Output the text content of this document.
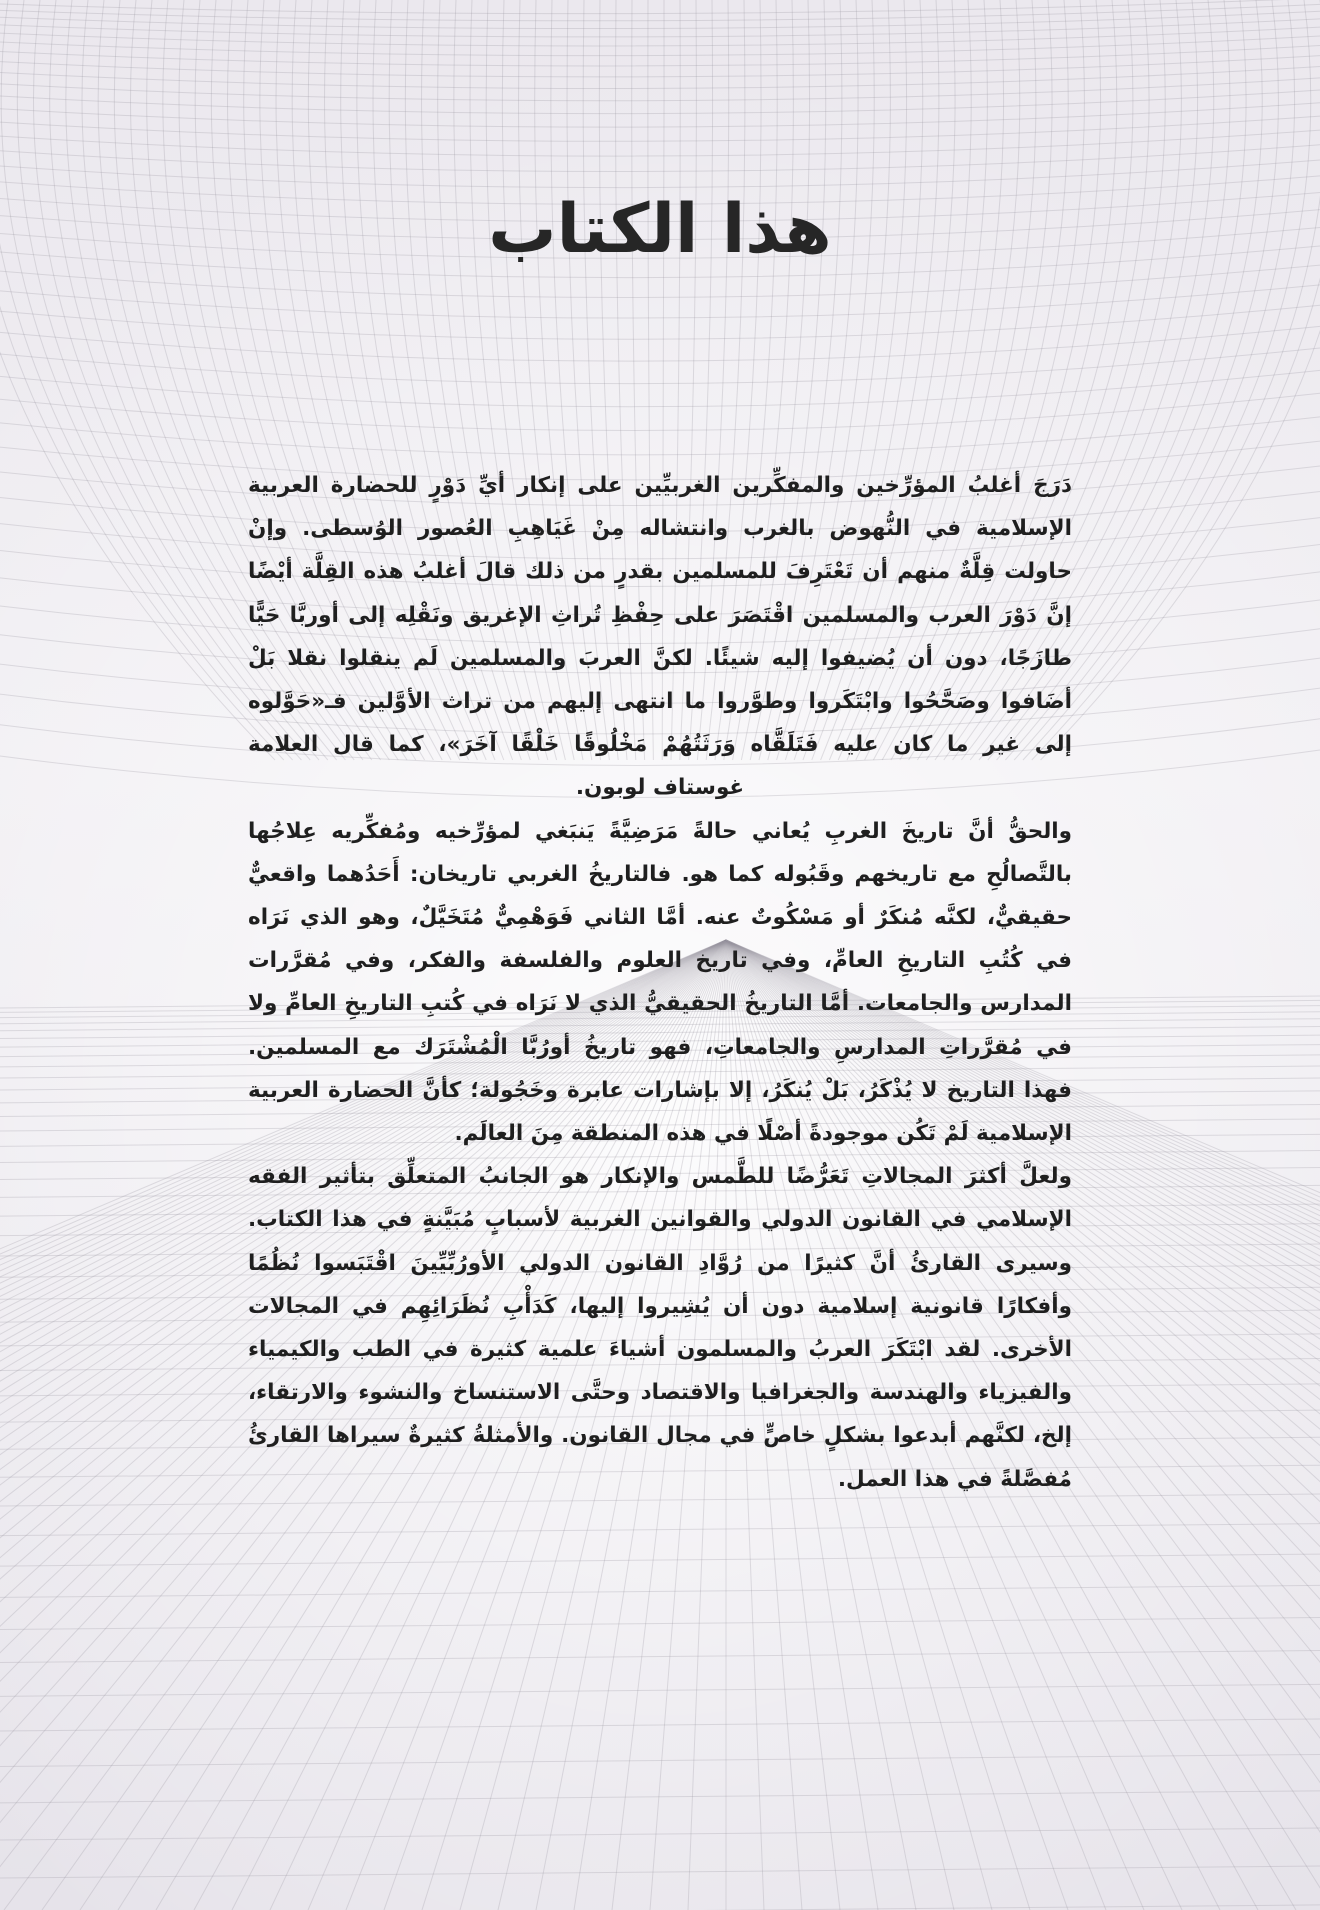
هذا الكتاب

دَرَجَ أغلبُ المؤرِّخين والمفكِّرين الغربيِّين على إنكار أيِّ دَوْرٍ للحضارة العربية الإسلامية في النُّهوض بالغرب وانتشاله مِنْ غَيَاهِبِ العُصور الوُسطى. وإنْ حاولت قِلَّةٌ منهم أن تَعْتَرِفَ للمسلمين بقدرٍ من ذلك قالَ أغلبُ هذه القِلَّة أيْضًا إنَّ دَوْرَ العرب والمسلمين اقْتَصَرَ على حِفْظِ تُراثِ الإغريق ونَقْلِه إلى أوربَّا حَيًّا طازَجًا، دون أن يُضيفوا إليه شيئًا. لكنَّ العربَ والمسلمين لَم ينقلوا نقلا بَلْ أضَافوا وصَحَّحُوا وابْتَكَروا وطوَّروا ما انتهى إليهم من تراث الأوَّلين فـ«حَوَّلوه إلى غير ما كان عليه فَتَلَقَّاه وَرَثَتُهُمْ مَخْلُوقًا خَلْقًا آخَرَ»، كما قال العلامة غوستاف لوبون.

والحقُّ أنَّ تاريخَ الغربِ يُعاني حالةً مَرَضِيَّةً يَنبَغي لمؤرِّخيه ومُفكِّريه عِلاجُها بالتَّصالُحِ مع تاريخهم وقَبُوله كما هو. فالتاريخُ الغربي تاريخان: أَحَدُهما واقعيٌّ حقيقيٌّ، لكنَّه مُنكَرٌ أو مَسْكُوتٌ عنه. أمَّا الثاني فَوَهْمِيٌّ مُتَخَيَّلٌ، وهو الذي نَرَاه في كُتُبِ التاريخِ العامِّ، وفي تاريخ العلوم والفلسفة والفكر، وفي مُقرَّرات المدارس والجامعات. أمَّا التاريخُ الحقيقيُّ الذي لا نَرَاه في كُتبِ التاريخِ العامِّ ولا في مُقرَّراتِ المدارسِ والجامعاتِ، فهو تاريخُ أورُبَّا الْمُشْتَرَك مع المسلمين. فهذا التاريخ لا يُذْكَرُ، بَلْ يُنكَرُ، إلا بإشارات عابرة وخَجُولة؛ كأنَّ الحضارة العربية الإسلامية لَمْ تَكُن موجودةً أصْلًا في هذه المنطقة مِنَ العالَم.

ولعلَّ أكثرَ المجالاتِ تَعَرُّضًا للطَّمس والإنكار هو الجانبُ المتعلِّق بتأثير الفقه الإسلامي في القانون الدولي والقوانين الغربية لأسبابٍ مُبَيَّنةٍ في هذا الكتاب. وسيرى القارئُ أنَّ كثيرًا من رُوَّادِ القانون الدولي الأورُبِّيِّينَ اقْتَبَسوا نُظُمًا وأفكارًا قانونية إسلامية دون أن يُشِيروا إليها، كَدَأْبِ نُظَرَائِهِم في المجالات الأخرى. لقد ابْتَكَرَ العربُ والمسلمون أشياءَ علمية كثيرة في الطب والكيمياء والفيزياء والهندسة والجغرافيا والاقتصاد وحتَّى الاستنساخ والنشوء والارتقاء، إلخ، لكنَّهم أبدعوا بشكلٍ خاصٍّ في مجال القانون. والأمثلةُ كثيرةٌ سيراها القارئُ مُفصَّلةً في هذا العمل.
